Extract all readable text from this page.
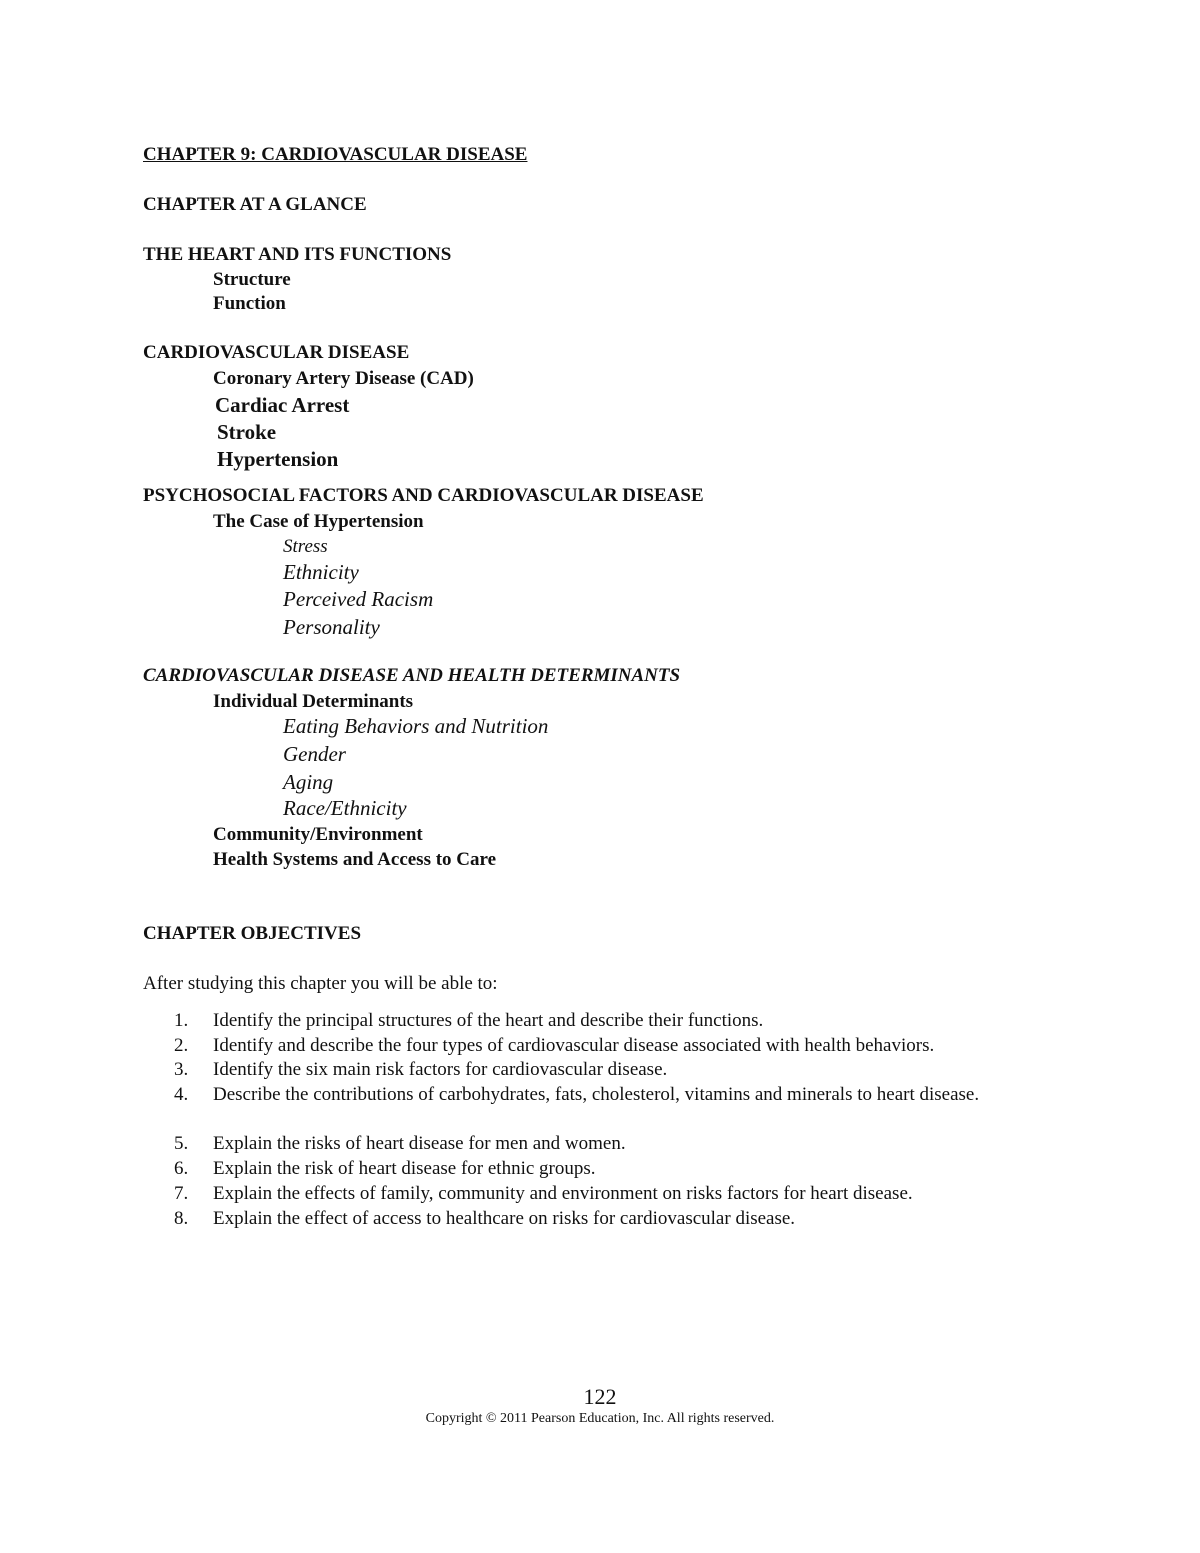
CHAPTER 9: CARDIOVASCULAR DISEASE
CHAPTER AT A GLANCE
THE HEART AND ITS FUNCTIONS
Structure
Function
CARDIOVASCULAR DISEASE
Coronary Artery Disease (CAD)
Cardiac Arrest
Stroke
Hypertension
PSYCHOSOCIAL FACTORS AND CARDIOVASCULAR DISEASE
The Case of Hypertension
Stress
Ethnicity
Perceived Racism
Personality
CARDIOVASCULAR DISEASE AND HEALTH DETERMINANTS
Individual Determinants
Eating Behaviors and Nutrition
Gender
Aging
Race/Ethnicity
Community/Environment
Health Systems and Access to Care
CHAPTER OBJECTIVES
After studying this chapter you will be able to:
1. Identify the principal structures of the heart and describe their functions.
2. Identify and describe the four types of cardiovascular disease associated with health behaviors.
3. Identify the six main risk factors for cardiovascular disease.
4. Describe the contributions of carbohydrates, fats, cholesterol, vitamins and minerals to heart disease.
5. Explain the risks of heart disease for men and women.
6. Explain the risk of heart disease for ethnic groups.
7. Explain the effects of family, community and environment on risks factors for heart disease.
8. Explain the effect of access to healthcare on risks for cardiovascular disease.
122
Copyright © 2011 Pearson Education, Inc. All rights reserved.
